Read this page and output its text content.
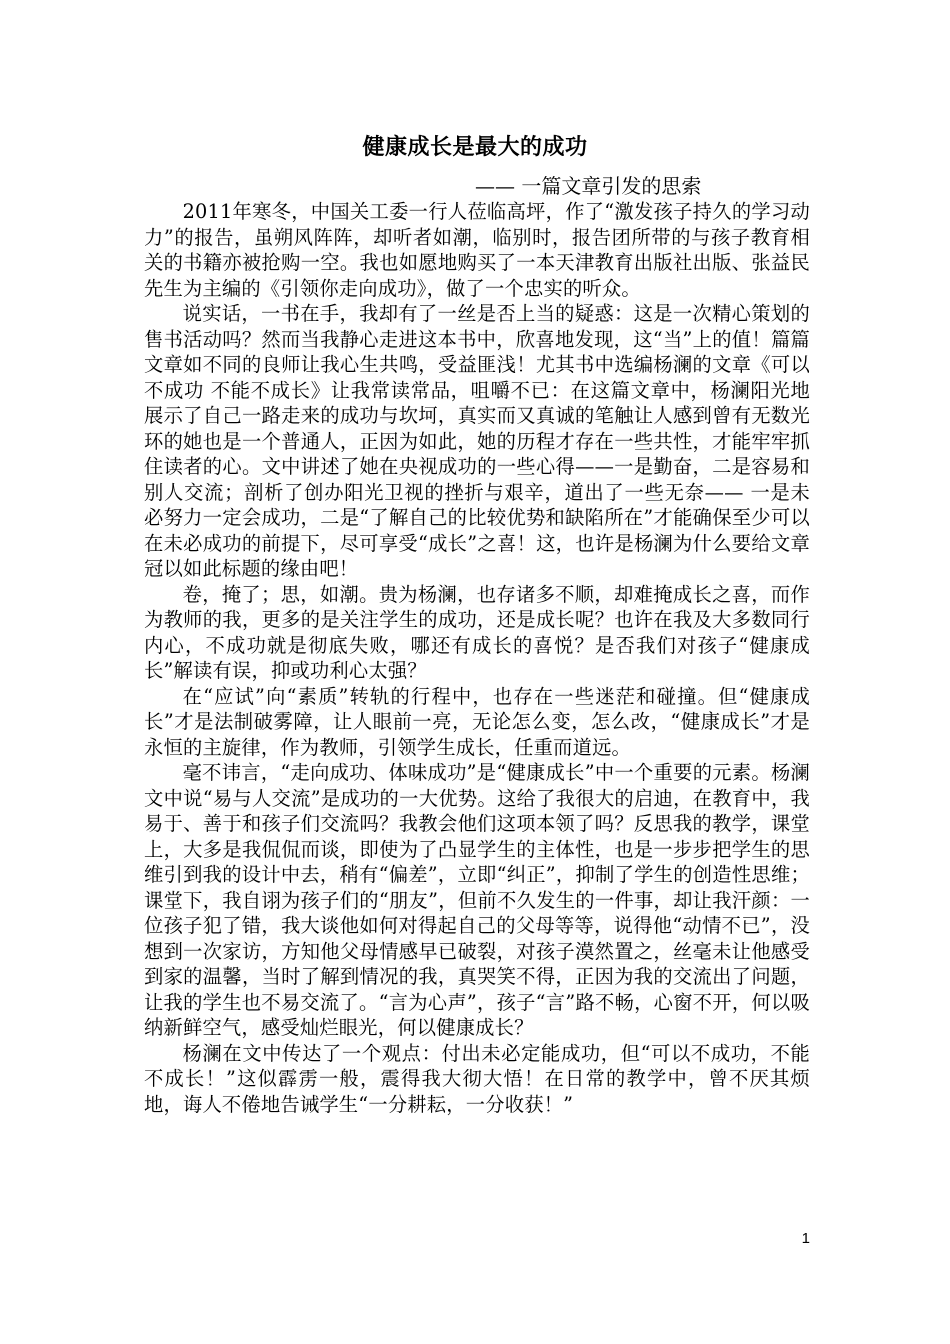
健康成长是最大的成功
—— 一篇文章引发的思索

2011年寒冬，中国关工委一行人莅临高坪，作了“激发孩子持久的学习动力”的报告，虽朔风阵阵，却听者如潮，临别时，报告团所带的与孩子教育相关的书籍亦被抢购一空。我也如愿地购买了一本天津教育出版社出版、张益民先生为主编的《引领你走向成功》，做了一个忠实的听众。

说实话，一书在手，我却有了一丝是否上当的疑惑：这是一次精心策划的售书活动吗？然而当我静心走进这本书中，欣喜地发现，这“当”上的值！篇篇文章如不同的良师让我心生共鸣，受益匪浅！尤其书中选编杨澜的文章《可以不成功 不能不成长》让我常读常品，咀嚼不已：在这篇文章中，杨澜阳光地展示了自己一路走来的成功与坎坷，真实而又真诚的笔触让人感到曾有无数光环的她也是一个普通人，正因为如此，她的历程才存在一些共性，才能牢牢抓住读者的心。文中讲述了她在央视成功的一些心得——一是勤奋，二是容易和别人交流；剖析了创办阳光卫视的挫折与艰辛，道出了一些无奈—— 一是未必努力一定会成功，二是“了解自己的比较优势和缺陷所在”才能确保至少可以在未必成功的前提下，尽可享受“成长”之喜！这，也许是杨澜为什么要给文章冠以如此标题的缘由吧！

卷，掩了；思，如潮。贵为杨澜，也存诸多不顺，却难掩成长之喜，而作为教师的我，更多的是关注学生的成功，还是成长呢？也许在我及大多数同行内心，不成功就是彻底失败，哪还有成长的喜悦？是否我们对孩子“健康成长”解读有误，抑或功利心太强？

在“应试”向“素质”转轨的行程中，也存在一些迷茫和碰撞。但“健康成长”才是法制破雾障，让人眼前一亮，无论怎么变，怎么改，“健康成长”才是永恒的主旋律，作为教师，引领学生成长，任重而道远。

毫不讳言，“走向成功、体味成功”是“健康成长”中一个重要的元素。杨澜文中说“易与人交流”是成功的一大优势。这给了我很大的启迪，在教育中，我易于、善于和孩子们交流吗？我教会他们这项本领了吗？反思我的教学，课堂上，大多是我侃侃而谈，即使为了凸显学生的主体性，也是一步步把学生的思维引到我的设计中去，稍有“偏差”，立即“纠正”，抑制了学生的创造性思维；课堂下，我自诩为孩子们的“朋友”，但前不久发生的一件事，却让我汗颜：一位孩子犯了错，我大谈他如何对得起自己的父母等等，说得他“动情不已”，没想到一次家访，方知他父母情感早已破裂，对孩子漠然置之，丝毫未让他感受到家的温馨，当时了解到情况的我，真哭笑不得，正因为我的交流出了问题，让我的学生也不易交流了。“言为心声”，孩子“言”路不畅，心窗不开，何以吸纳新鲜空气，感受灿烂眼光，何以健康成长？

杨澜在文中传达了一个观点：付出未必定能成功，但“可以不成功，不能不成长！”这似霹雳一般，震得我大彻大悟！在日常的教学中，曾不厌其烦地，诲人不倦地告诫学生“一分耕耘，一分收获！”

1
